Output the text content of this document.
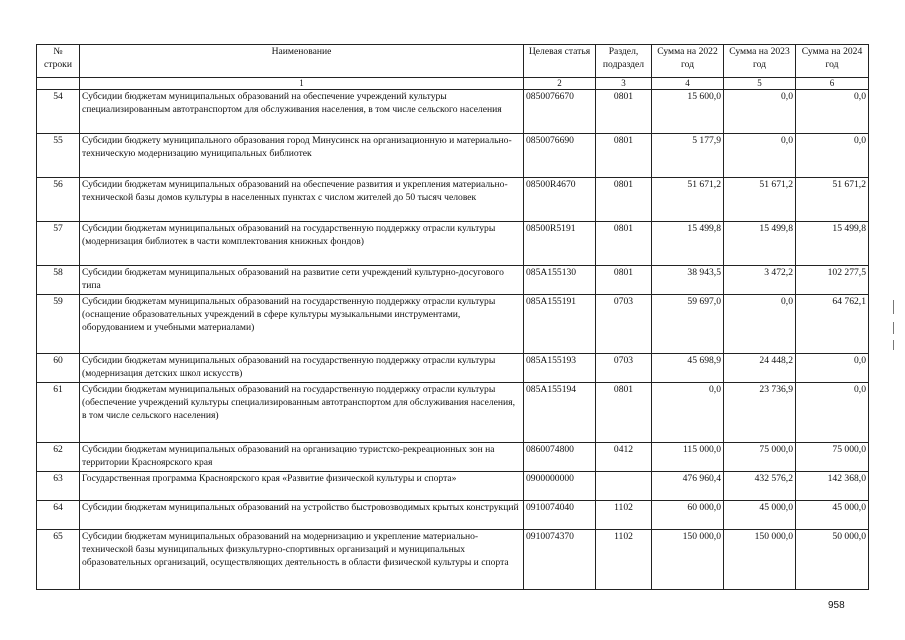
№ строки	Наименование	Целевая статья	Раздел, подраздел	Сумма на 2022 год	Сумма на 2023 год	Сумма на 2024 год
	1	2	3	4	5	6
54	Субсидии бюджетам муниципальных образований на обеспечение учреждений культуры специализированным автотранспортом для обслуживания населения, в том числе сельского населения	0850076670	0801	15 600,0	0,0	0,0
55	Субсидии бюджету муниципального образования город Минусинск на организационную и материально-техническую модернизацию муниципальных библиотек	0850076690	0801	5 177,9	0,0	0,0
56	Субсидии бюджетам муниципальных образований на обеспечение развития и укрепления материально-технической базы домов культуры в населенных пунктах с числом жителей до 50 тысяч человек	08500R4670	0801	51 671,2	51 671,2	51 671,2
57	Субсидии бюджетам муниципальных образований на государственную поддержку отрасли культуры (модернизация библиотек в части комплектования книжных фондов)	08500R5191	0801	15 499,8	15 499,8	15 499,8
58	Субсидии бюджетам муниципальных образований на развитие сети учреждений культурно-досугового типа	085A155130	0801	38 943,5	3 472,2	102 277,5
59	Субсидии бюджетам муниципальных образований на государственную поддержку отрасли культуры (оснащение образовательных учреждений в сфере культуры музыкальными инструментами, оборудованием и учебными материалами)	085A155191	0703	59 697,0	0,0	64 762,1
60	Субсидии бюджетам муниципальных образований на государственную поддержку отрасли культуры (модернизация детских школ искусств)	085A155193	0703	45 698,9	24 448,2	0,0
61	Субсидии бюджетам муниципальных образований на государственную поддержку отрасли культуры (обеспечение учреждений культуры специализированным автотранспортом для обслуживания населения, в том числе сельского населения)	085A155194	0801	0,0	23 736,9	0,0
62	Субсидии бюджетам муниципальных образований на организацию туристско-рекреационных зон на территории Красноярского края	0860074800	0412	115 000,0	75 000,0	75 000,0
63	Государственная программа Красноярского края «Развитие физической культуры и спорта»	0900000000		476 960,4	432 576,2	142 368,0
64	Субсидии бюджетам муниципальных образований на устройство быстровозводимых крытых конструкций	0910074040	1102	60 000,0	45 000,0	45 000,0
65	Субсидии бюджетам муниципальных образований на модернизацию и укрепление материально-технической базы муниципальных физкультурно-спортивных организаций и муниципальных образовательных организаций, осуществляющих деятельность в области физической культуры и спорта	0910074370	1102	150 000,0	150 000,0	50 000,0
958
